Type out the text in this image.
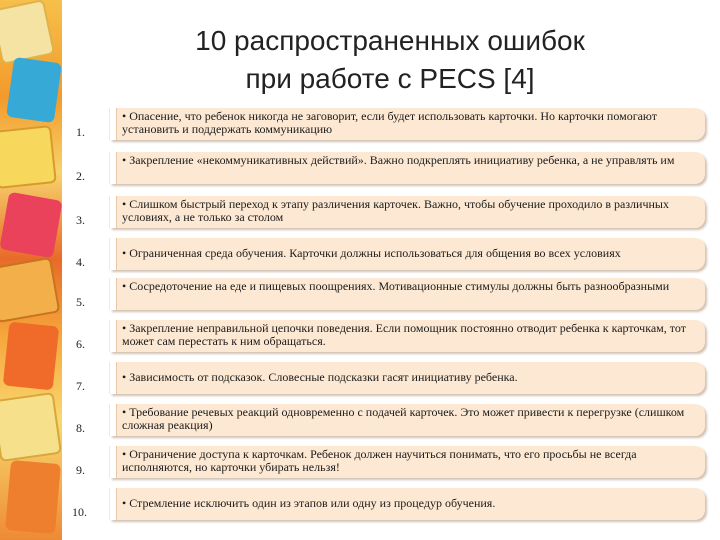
10 распространенных ошибок
при работе с PECS [4]
1.
• Опасение, что ребенок никогда не заговорит, если будет использовать карточки. Но карточки помогают установить и поддержать коммуникацию
2.
• Закрепление «некоммуникативных действий». Важно подкреплять инициативу ребенка, а не управлять им
3.
• Слишком быстрый переход к этапу различения карточек. Важно, чтобы обучение проходило в различных условиях, а не только за столом
4.
• Ограниченная среда обучения. Карточки должны использоваться для общения во всех условиях
5.
• Сосредоточение на еде и пищевых поощрениях. Мотивационные стимулы должны быть разнообразными
6.
• Закрепление неправильной цепочки поведения. Если помощник постоянно отводит ребенка к карточкам, тот может сам перестать к ним обращаться.
7.
• Зависимость от подсказок. Словесные подсказки гасят инициативу ребенка.
8.
• Требование речевых реакций одновременно с подачей карточек. Это может привести к перегрузке (слишком сложная реакция)
9.
• Ограничение доступа к карточкам. Ребенок должен научиться понимать, что его просьбы не всегда исполняются, но карточки убирать нельзя!
10.
• Стремление исключить один из этапов или одну из процедур обучения.
